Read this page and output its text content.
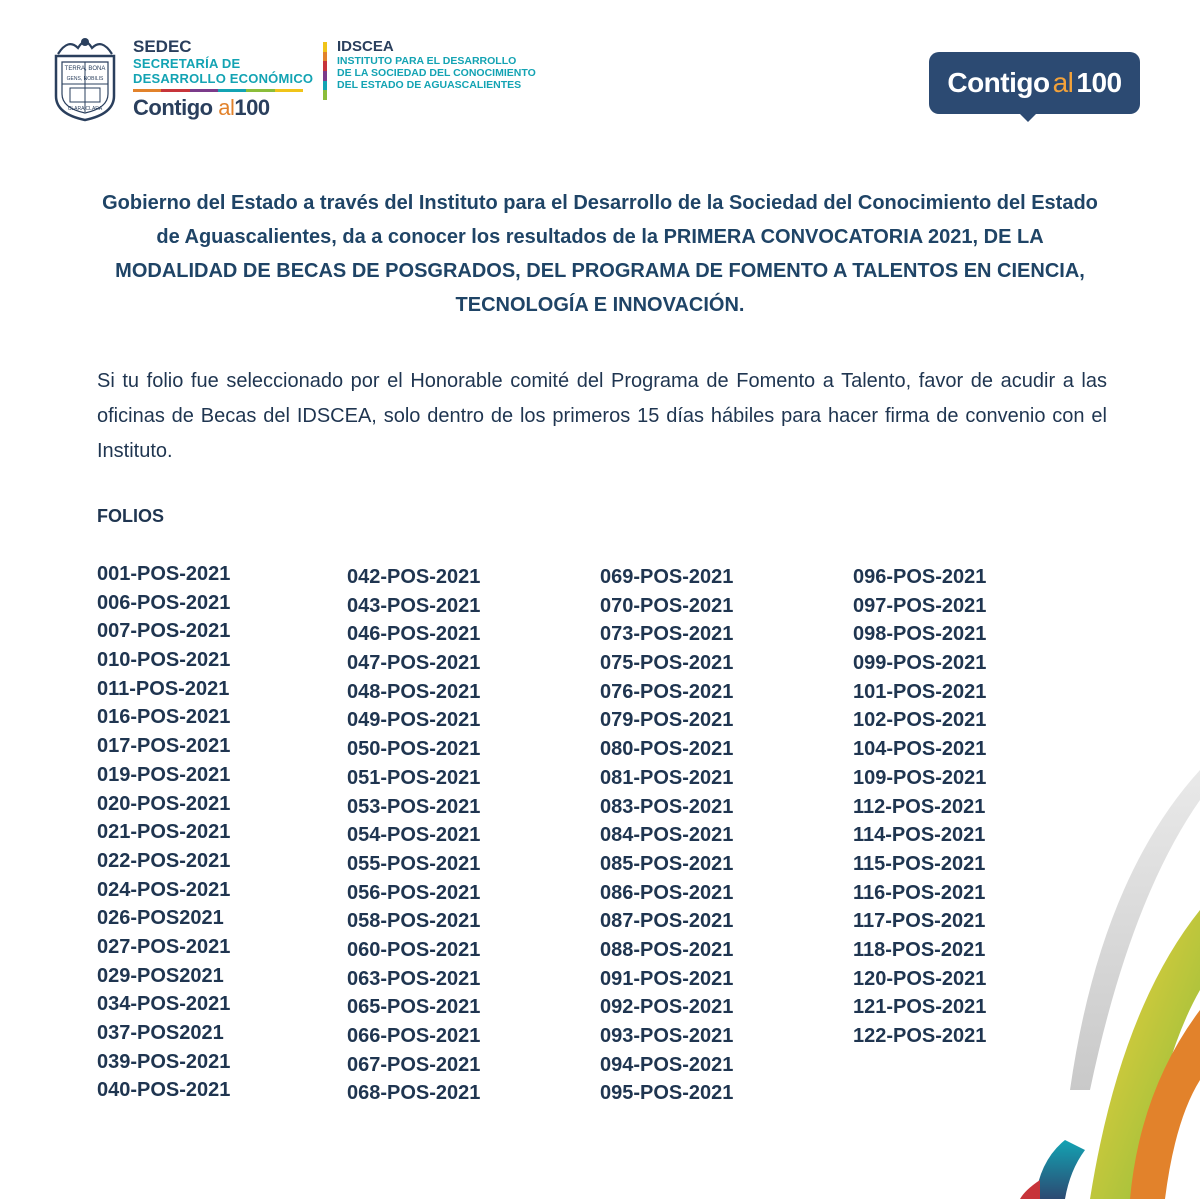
TERRA, BONA
GENS, NOBILIS
CLARA CLARA
SEDEC
SECRETARÍA DE
DESARROLLO ECONÓMICO
Contigo al100
IDSCEA
INSTITUTO PARA EL DESARROLLO
DE LA SOCIEDAD DEL CONOCIMIENTO
DEL ESTADO DE AGUASCALIENTES	Contigo al 100
Gobierno del Estado a través del Instituto para el Desarrollo de la Sociedad del Conocimiento del Estado de Aguascalientes, da a conocer los resultados de la PRIMERA CONVOCATORIA 2021, DE LA MODALIDAD DE BECAS DE POSGRADOS, DEL PROGRAMA DE FOMENTO A TALENTOS EN CIENCIA, TECNOLOGÍA E INNOVACIÓN.
Si tu folio fue seleccionado por el Honorable comité del Programa de Fomento a Talento, favor de acudir a las oficinas de Becas del IDSCEA, solo dentro de los primeros 15 días hábiles para hacer firma de convenio con el Instituto.
FOLIOS
001-POS-2021
006-POS-2021
007-POS-2021
010-POS-2021
011-POS-2021
016-POS-2021
017-POS-2021
019-POS-2021
020-POS-2021
021-POS-2021
022-POS-2021
024-POS-2021
026-POS2021
027-POS-2021
029-POS2021
034-POS-2021
037-POS2021
039-POS-2021
040-POS-2021
042-POS-2021
043-POS-2021
046-POS-2021
047-POS-2021
048-POS-2021
049-POS-2021
050-POS-2021
051-POS-2021
053-POS-2021
054-POS-2021
055-POS-2021
056-POS-2021
058-POS-2021
060-POS-2021
063-POS-2021
065-POS-2021
066-POS-2021
067-POS-2021
068-POS-2021
069-POS-2021
070-POS-2021
073-POS-2021
075-POS-2021
076-POS-2021
079-POS-2021
080-POS-2021
081-POS-2021
083-POS-2021
084-POS-2021
085-POS-2021
086-POS-2021
087-POS-2021
088-POS-2021
091-POS-2021
092-POS-2021
093-POS-2021
094-POS-2021
095-POS-2021
096-POS-2021
097-POS-2021
098-POS-2021
099-POS-2021
101-POS-2021
102-POS-2021
104-POS-2021
109-POS-2021
112-POS-2021
114-POS-2021
115-POS-2021
116-POS-2021
117-POS-2021
118-POS-2021
120-POS-2021
121-POS-2021
122-POS-2021
